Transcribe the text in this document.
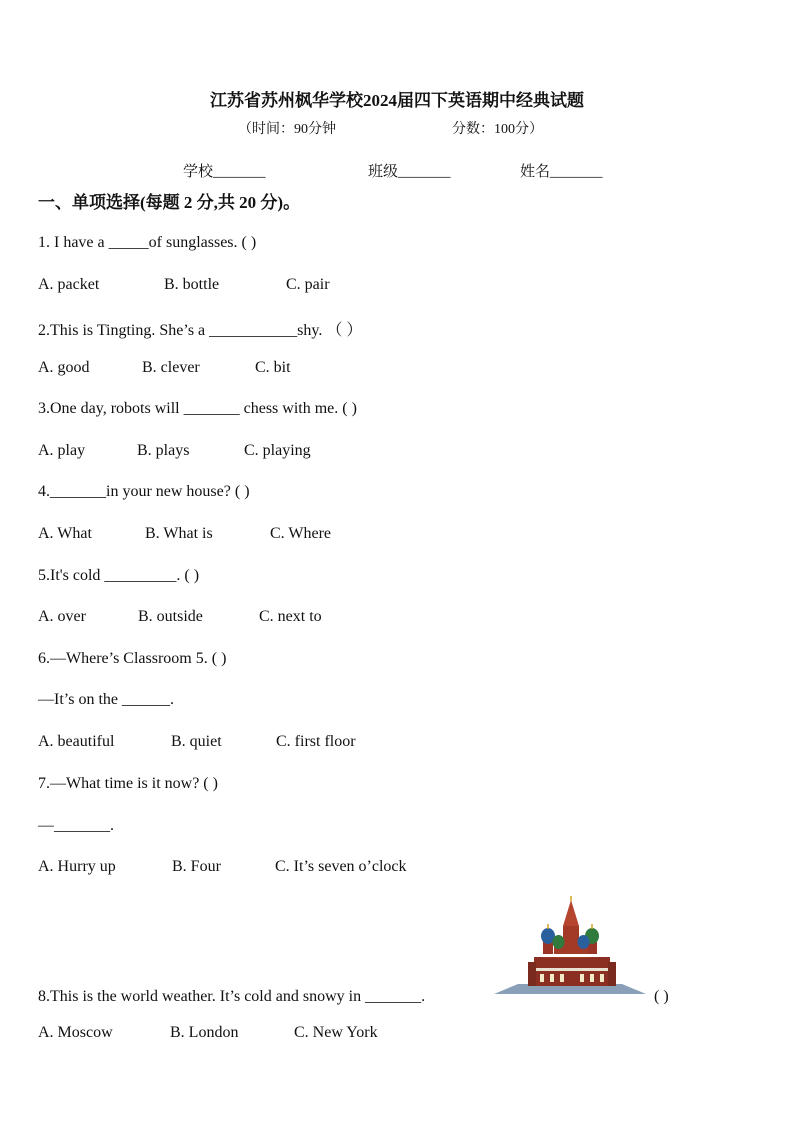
江苏省苏州枫华学校2024届四下英语期中经典试题
（时间：90分钟	分数：100分）
学校_______	班级_______	姓名_______
一、单项选择(每题 2 分,共 20 分)。
1. I have a _____of sunglasses. ( )
A. packet	B. bottle	C. pair
2.This is Tingting. She’s a ___________shy. （ ）
A. good	B. clever	C. bit
3.One day, robots will _______ chess with me. ( )
A. play	B. plays	C. playing
4._______in your new house? ( )
A. What	B. What is	C. Where
5.It's cold _________. ( )
A. over	B. outside	C. next to
6.—Where’s Classroom 5. ( )
—It’s on the ______.
A. beautiful	B. quiet	C. first floor
7.—What time is it now? ( )
—_______.
A. Hurry up	B. Four	C. It’s seven o’clock
8.This is the world weather. It’s cold and snowy in _______.	( )
A. Moscow	B. London	C. New York
